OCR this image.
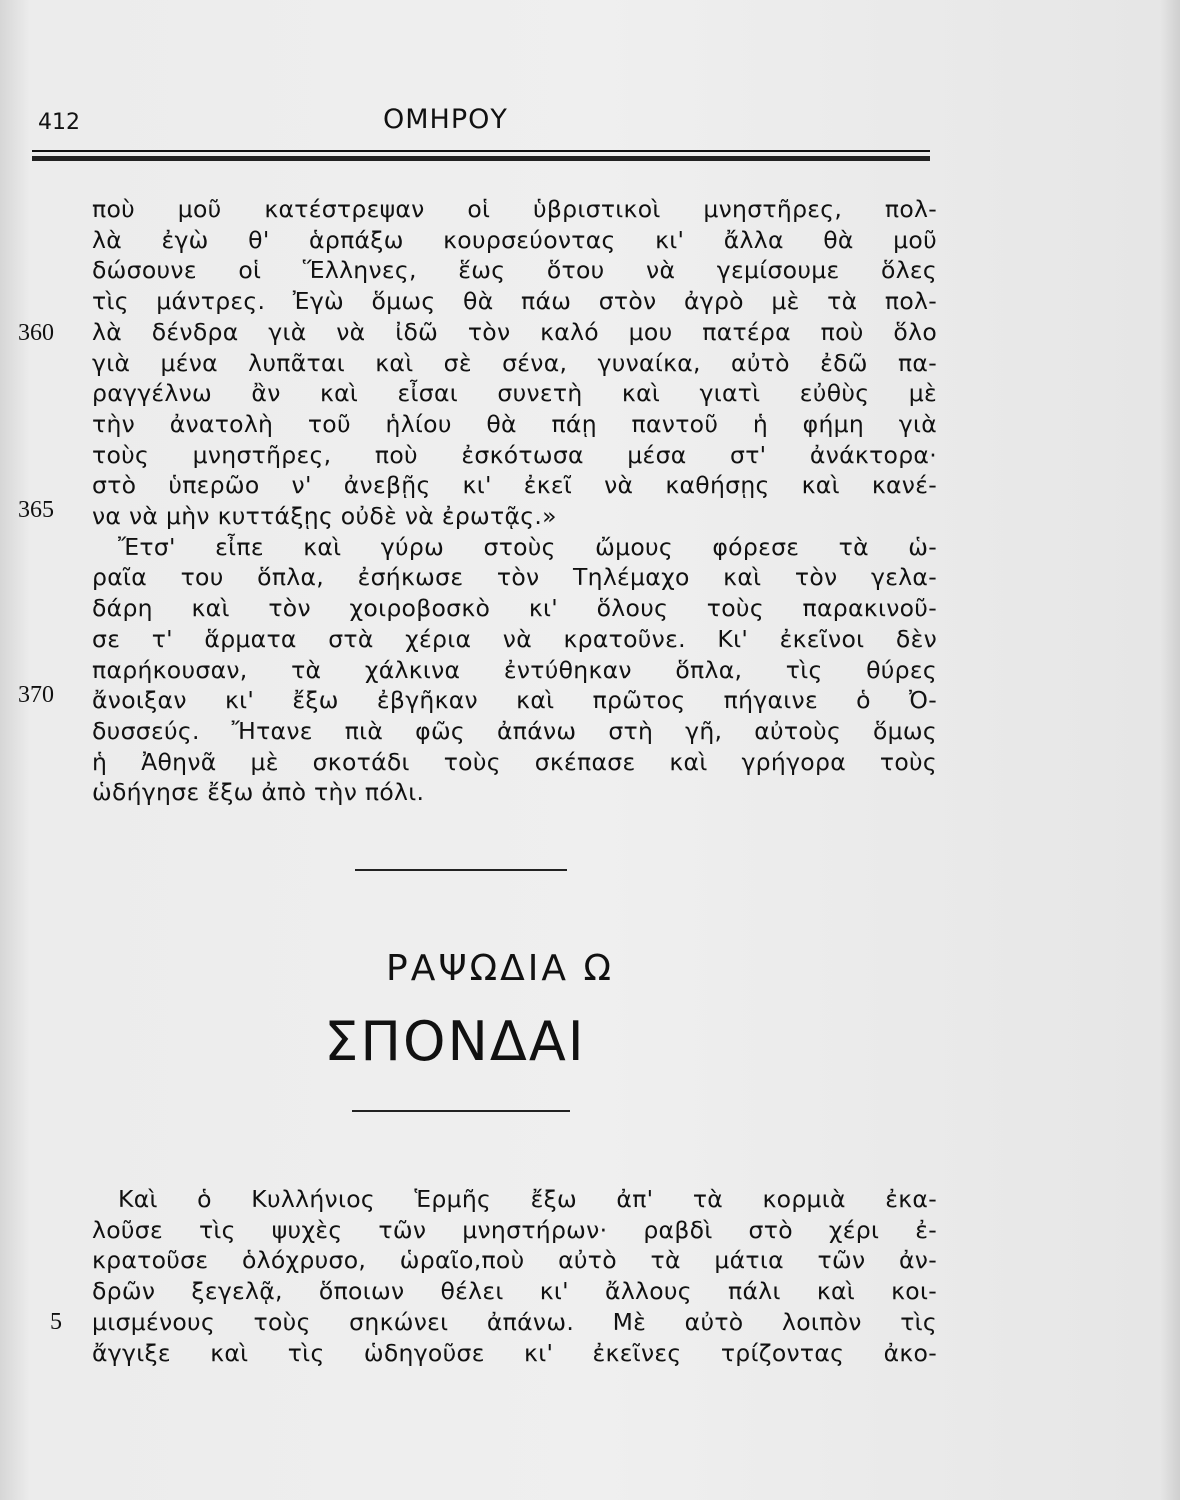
412	ΟΜΗΡΟΥ
360
365
370
ποὺ μοῦ κατέστρεψαν οἱ ὑβριστικοὶ μνηστῆρες, πολ-
λὰ ἐγὼ θ' ἁρπάξω κουρσεύοντας κι' ἄλλα θὰ μοῦ
δώσουνε οἱ Ἕλληνες, ἕως ὅτου νὰ γεμίσουμε ὅλες
τὶς μάντρες. Ἐγὼ ὅμως θὰ πάω στὸν ἀγρὸ μὲ τὰ πολ-
λὰ δένδρα γιὰ νὰ ἰδῶ τὸν καλό μου πατέρα ποὺ ὅλο
γιὰ μένα λυπᾶται καὶ σὲ σένα, γυναίκα, αὐτὸ ἐδῶ πα-
ραγγέλνω ἂν καὶ εἶσαι συνετὴ καὶ γιατὶ εὐθὺς μὲ
τὴν ἀνατολὴ τοῦ ἡλίου θὰ πάῃ παντοῦ ἡ φήμη γιὰ
τοὺς μνηστῆρες, ποὺ ἐσκότωσα μέσα στ' ἀνάκτορα·
στὸ ὑπερῶο ν' ἀνεβῇς κι' ἐκεῖ νὰ καθήσῃς καὶ κανέ-
να νὰ μὴν κυττάξῃς οὐδὲ νὰ ἐρωτᾷς.»
Ἔτσ' εἶπε καὶ γύρω στοὺς ὤμους φόρεσε τὰ ὡ-
ραῖα του ὅπλα, ἐσήκωσε τὸν Τηλέμαχο καὶ τὸν γελα-
δάρη καὶ τὸν χοιροβοσκὸ κι' ὅλους τοὺς παρακινοῦ-
σε τ' ἅρματα στὰ χέρια νὰ κρατοῦνε. Κι' ἐκεῖνοι δὲν
παρήκουσαν, τὰ χάλκινα ἐντύθηκαν ὅπλα, τὶς θύρες
ἄνοιξαν κι' ἔξω ἐβγῆκαν καὶ πρῶτος πήγαινε ὁ Ὀ-
δυσσεύς. Ἤτανε πιὰ φῶς ἀπάνω στὴ γῆ, αὐτοὺς ὅμως
ἡ Ἀθηνᾶ μὲ σκοτάδι τοὺς σκέπασε καὶ γρήγορα τοὺς
ὡδήγησε ἔξω ἀπὸ τὴν πόλι.
ΡΑΨΩΔΙΑ Ω
ΣΠΟΝΔΑΙ
5
Καὶ ὁ Κυλλήνιος Ἑρμῆς ἔξω ἀπ' τὰ κορμιὰ ἐκα-
λοῦσε τὶς ψυχὲς τῶν μνηστήρων· ραβδὶ στὸ χέρι ἐ-
κρατοῦσε ὁλόχρυσο, ὡραῖο,ποὺ αὐτὸ τὰ μάτια τῶν ἀν-
δρῶν ξεγελᾷ, ὅποιων θέλει κι' ἄλλους πάλι καὶ κοι-
μισμένους τοὺς σηκώνει ἀπάνω. Μὲ αὐτὸ λοιπὸν τὶς
ἄγγιξε καὶ τὶς ὡδηγοῦσε κι' ἐκεῖνες τρίζοντας ἀκο-
